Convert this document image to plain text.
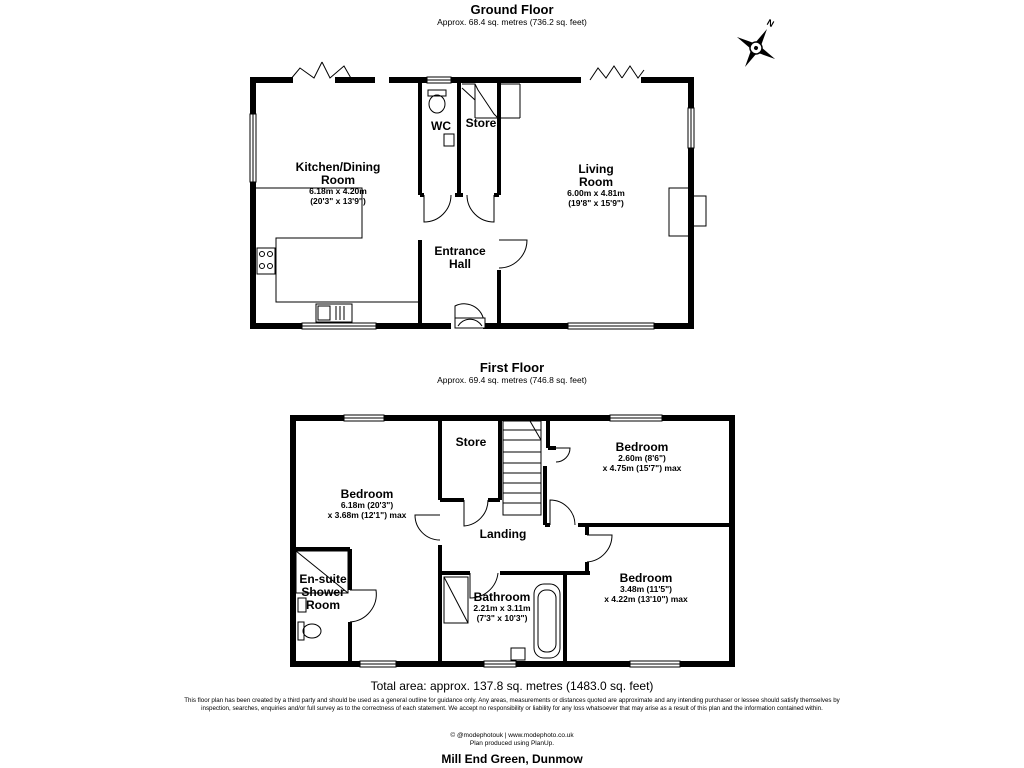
Ground Floor
Approx. 68.4 sq. metres (736.2 sq. feet)
Kitchen/Dining
Room
6.18m x 4.20m
(20'3" x 13'9")
WC	Store
Entrance
Hall
Living
Room
6.00m x 4.81m
(19'8" x 15'9")
N
First Floor
Approx. 69.4 sq. metres (746.8 sq. feet)
Bedroom
6.18m (20'3")
x 3.68m (12'1") max
Store	Bedroom
2.60m (8'6")
x 4.75m (15'7") max
Landing
En-suite
Shower
Room
Bathroom
2.21m x 3.11m
(7'3" x 10'3")
Bedroom
3.48m (11'5")
x 4.22m (13'10") max
Total area: approx. 137.8 sq. metres (1483.0 sq. feet)
This floor plan has been created by a third party and should be used as a general outline for guidance only. Any areas, measurements or distances quoted are approximate and any intending purchaser or lessee should satisfy themselves by inspection, searches, enquiries and/or full survey as to the correctness of each statement. We accept no responsibility or liability for any loss whatsoever that may arise as a result of this plan and the information contained within.
© @modephotouk | www.modephoto.co.uk
Plan produced using PlanUp.
Mill End Green, Dunmow
